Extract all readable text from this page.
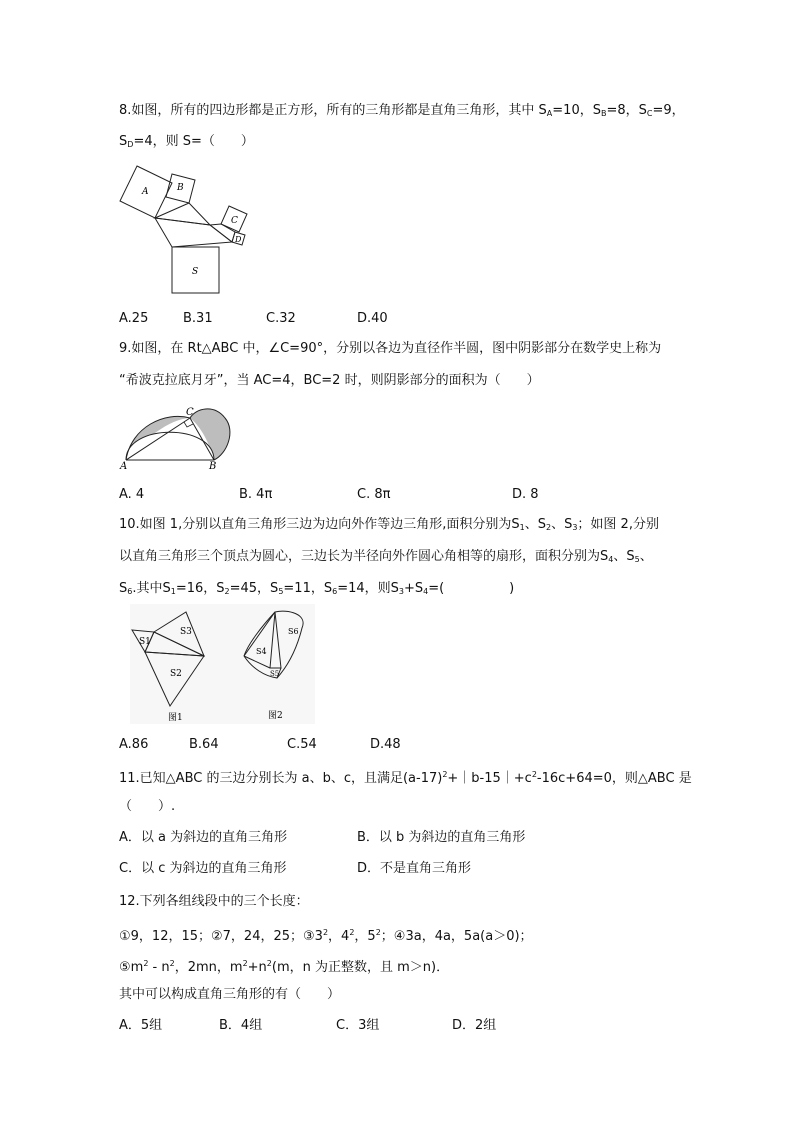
8.如图，所有的四边形都是正方形，所有的三角形都是直角三角形，其中 $S_A=10$，$S_B=8$，$S_C=9$，
$S_D=4$，则 S=（　　）
A	B
C
D
S
A.25	B.31	C.32	D.40
9.如图，在 Rt△ABC 中，∠C=90°，分别以各边为直径作半圆，图中阴影部分在数学史上称为
“希波克拉底月牙”，当 AC=4，BC=2 时，则阴影部分的面积为（　　）
A	B
C
A. 4	B. 4π	C. 8π	D. 8
10.如图 1,分别以直角三角形三边为边向外作等边三角形,面积分别为$S_1$、$S_2$、$S_3$；如图 2,分别
以直角三角形三个顶点为圆心，三边长为半径向外作圆心角相等的扇形，面积分别为$S_4$、$S_5$、
$S_6$.其中$S_1=16$，$S_2=45$，$S_5=11$，$S_6=14$，则$S_3+S_4=$(　　　　　)
S1
S3
S2
S6
S4
S5
图1	图2
A.86	B.64	C.54	D.48
11.已知△ABC 的三边分别长为 a、b、c，且满足$(a-17)^2+|b-15|+c^2-16c+64=0$，则△ABC 是
（　　）.
A．以 a 为斜边的直角三角形	B．以 b 为斜边的直角三角形
C．以 c 为斜边的直角三角形	D．不是直角三角形
12.下列各组线段中的三个长度：
①9，12，15；②7，24，25；$③3^2$，$4^2$，$5^2$；④3a，4a，5a(a＞0)；
$⑤m^2 - n^2$，2mn，$m^2+n^2(m$，n 为正整数，且 m＞n)．
其中可以构成直角三角形的有（　　）
A．5组	B．4组	C．3组	D．2组
